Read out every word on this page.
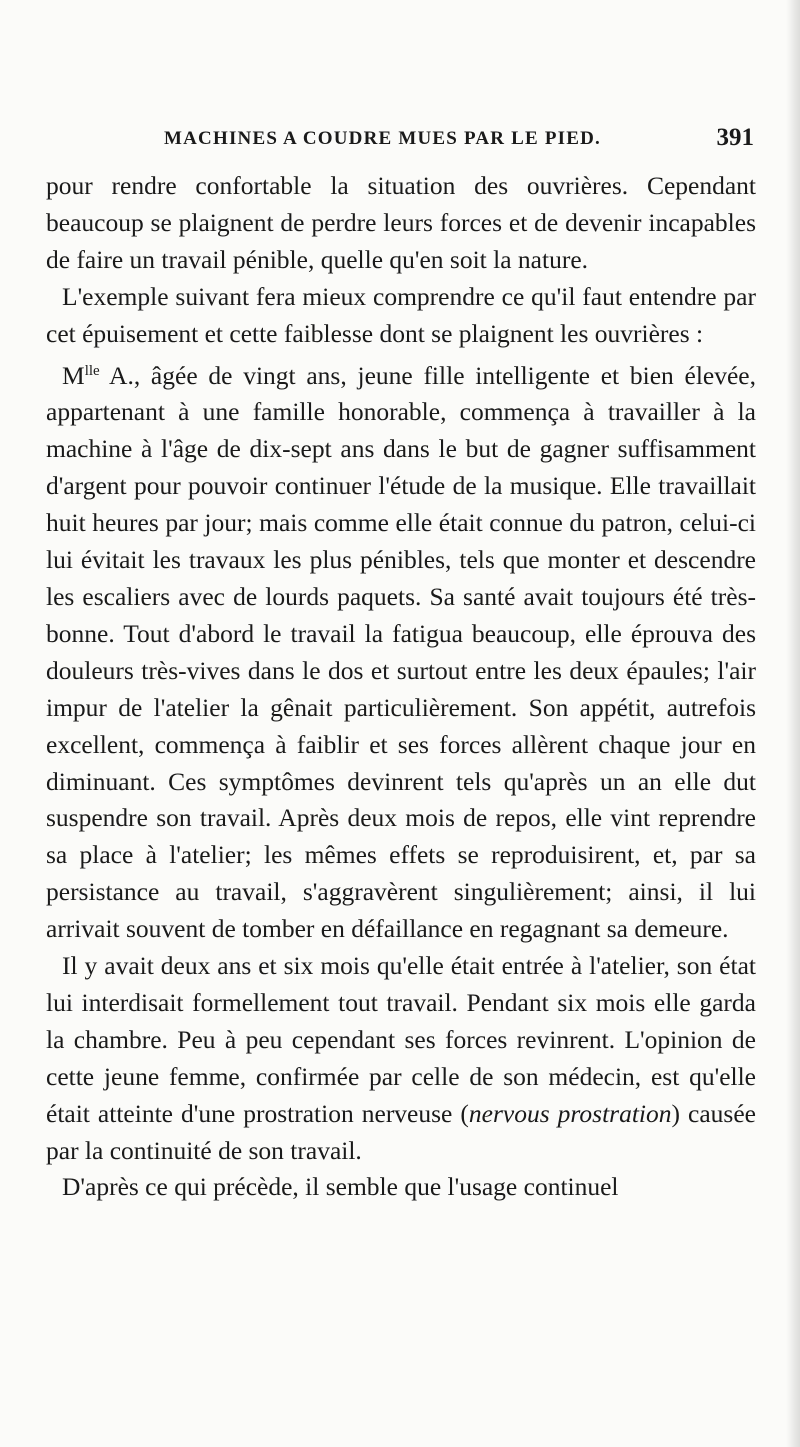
MACHINES A COUDRE MUES PAR LE PIED.	391

pour rendre confortable la situation des ouvrières. Cependant beaucoup se plaignent de perdre leurs forces et de devenir incapables de faire un travail pénible, quelle qu'en soit la nature.

L'exemple suivant fera mieux comprendre ce qu'il faut entendre par cet épuisement et cette faiblesse dont se plaignent les ouvrières :

$M^{lle}$ A., âgée de vingt ans, jeune fille intelligente et bien élevée, appartenant à une famille honorable, commença à travailler à la machine à l'âge de dix-sept ans dans le but de gagner suffisamment d'argent pour pouvoir continuer l'étude de la musique. Elle travaillait huit heures par jour; mais comme elle était connue du patron, celui-ci lui évitait les travaux les plus pénibles, tels que monter et descendre les escaliers avec de lourds paquets. Sa santé avait toujours été très-bonne. Tout d'abord le travail la fatigua beaucoup, elle éprouva des douleurs très-vives dans le dos et surtout entre les deux épaules; l'air impur de l'atelier la gênait particulièrement. Son appétit, autrefois excellent, commença à faiblir et ses forces allèrent chaque jour en diminuant. Ces symptômes devinrent tels qu'après un an elle dut suspendre son travail. Après deux mois de repos, elle vint reprendre sa place à l'atelier; les mêmes effets se reproduisirent, et, par sa persistance au travail, s'aggravèrent singulièrement; ainsi, il lui arrivait souvent de tomber en défaillance en regagnant sa demeure.

Il y avait deux ans et six mois qu'elle était entrée à l'atelier, son état lui interdisait formellement tout travail. Pendant six mois elle garda la chambre. Peu à peu cependant ses forces revinrent. L'opinion de cette jeune femme, confirmée par celle de son médecin, est qu'elle était atteinte d'une prostration nerveuse (nervous prostration) causée par la continuité de son travail.

D'après ce qui précède, il semble que l'usage continuel
